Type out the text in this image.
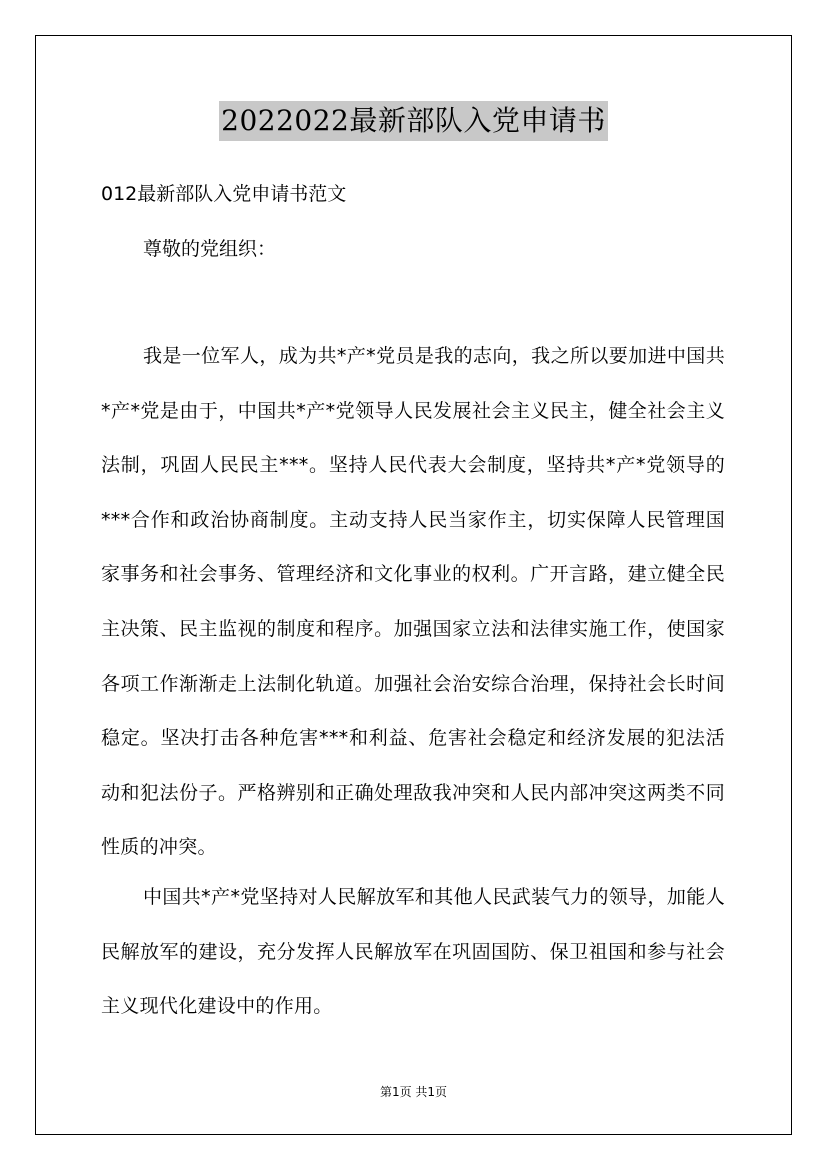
2022022最新部队入党申请书
012最新部队入党申请书范文
尊敬的党组织：

我是一位军人，成为共*产*党员是我的志向，我之所以要加进中国共*产*党是由于，中国共*产*党领导人民发展社会主义民主，健全社会主义法制，巩固人民民主***。坚持人民代表大会制度，坚持共*产*党领导的***合作和政治协商制度。主动支持人民当家作主，切实保障人民管理国家事务和社会事务、管理经济和文化事业的权利。广开言路，建立健全民主决策、民主监视的制度和程序。加强国家立法和法律实施工作，使国家各项工作渐渐走上法制化轨道。加强社会治安综合治理，保持社会长时间稳定。坚决打击各种危害***和利益、危害社会稳定和经济发展的犯法活动和犯法份子。严格辨别和正确处理敌我冲突和人民内部冲突这两类不同性质的冲突。

中国共*产*党坚持对人民解放军和其他人民武装气力的领导，加能人民解放军的建设，充分发挥人民解放军在巩固国防、保卫祖国和参与社会主义现代化建设中的作用。

第1页 共1页
